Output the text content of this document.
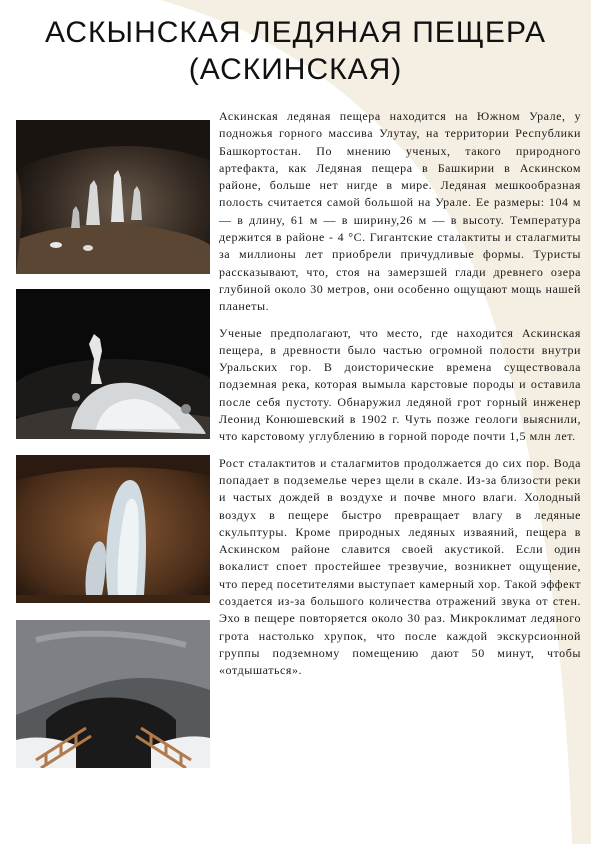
АСКЫНСКАЯ ЛЕДЯНАЯ ПЕЩЕРА
(АСКИНСКАЯ)

Аскинская ледяная пещера находится на Южном Урале, у подножья горного массива Улутау, на территории Республики Башкортостан. По мнению ученых, такого природного артефакта, как Ледяная пещера в Башкирии в Аскинском районе, больше нет нигде в мире. Ледяная мешкообразная полость считается самой большой на Урале. Ее размеры: 104 м — в длину, 61 м — в ширину,26 м — в высоту. Температура держится в районе - 4 °С. Гигантские сталактиты и сталагмиты за миллионы лет приобрели причудливые формы. Туристы рассказывают, что, стоя на замерзшей глади древнего озера глубиной около 30 метров, они особенно ощущают мощь нашей планеты.

Ученые предполагают, что место, где находится Аскинская пещера, в древности было частью огромной полости внутри Уральских гор. В доисторические времена существовала подземная река, которая вымыла карстовые породы и оставила после себя пустоту. Обнаружил ледяной грот горный инженер Леонид Конюшевский в 1902 г. Чуть позже геологи выяснили, что карстовому углублению в горной породе почти 1,5 млн лет.

Рост сталактитов и сталагмитов продолжается до сих пор. Вода попадает в подземелье через щели в скале. Из-за близости реки и частых дождей в воздухе и почве много влаги. Холодный воздух в пещере быстро превращает влагу в ледяные скульптуры. Кроме природных ледяных изваяний, пещера в Аскинском районе славится своей акустикой. Если один вокалист споет простейшее трезвучие, возникнет ощущение, что перед посетителями выступает камерный хор. Такой эффект создается из-за большого количества отражений звука от стен. Эхо в пещере повторяется около 30 раз. Микроклимат ледяного грота настолько хрупок, что после каждой экскурсионной группы подземному помещению дают 50 минут, чтобы «отдышаться».
